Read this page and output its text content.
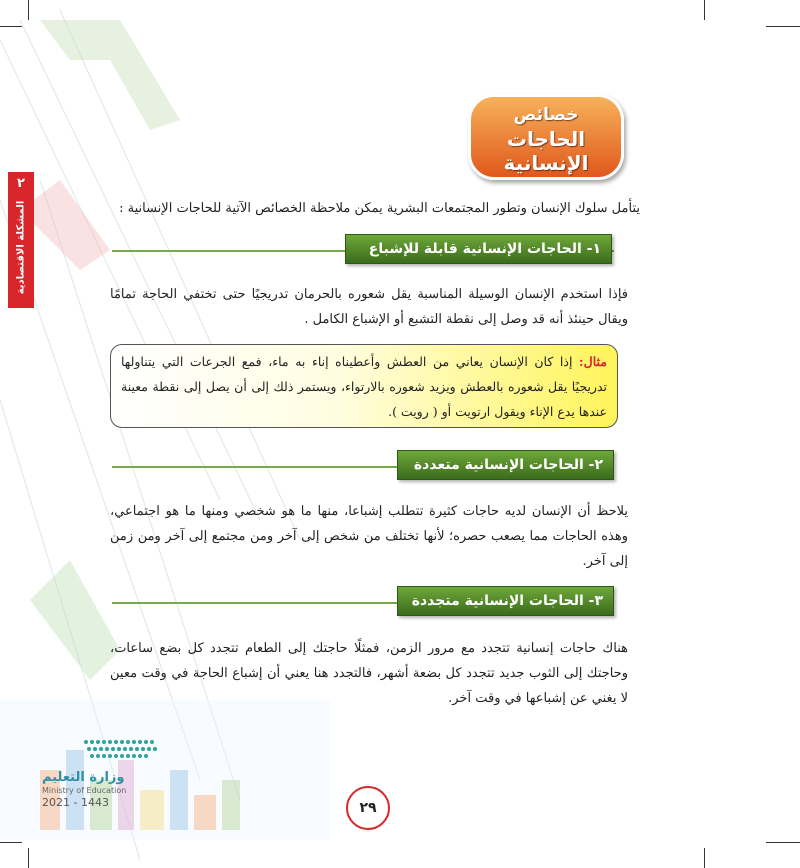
٢
المشكلة الاقتصادية
خصائص
الحاجات الإنسانية
يتأمل سلوك الإنسان وتطور المجتمعات البشرية يمكن ملاحظة الخصائص الآتية للحاجات الإنسانية :
١- الحاجات الإنسانية قابلة للإشباع
فإذا استخدم الإنسان الوسيلة المناسبة يقل شعوره بالحرمان تدريجيًا حتى تختفي الحاجة تمامًا ويقال حينئذ أنه قد وصل إلى نقطة التشبع أو الإشباع الكامل .
مثال: إذا كان الإنسان يعاني من العطش وأعطيناه إناء به ماء، فمع الجرعات التي يتناولها تدريجيًا يقل شعوره بالعطش ويزيد شعوره بالارتواء، ويستمر ذلك إلى أن يصل إلى نقطة معينة عندها يدع الإناء ويقول ارتويت أو ( رويت ).
٢- الحاجات الإنسانية متعددة
يلاحظ أن الإنسان لديه حاجات كثيرة تتطلب إشباعا، منها ما هو شخصي ومنها ما هو اجتماعي، وهذه الحاجات مما يصعب حصره؛ لأنها تختلف من شخص إلى آخر ومن مجتمع إلى آخر ومن زمن إلى آخر.
٣- الحاجات الإنسانية متجددة
هناك حاجات إنسانية تتجدد مع مرور الزمن، فمثلًا حاجتك إلى الطعام تتجدد كل بضع ساعات، وحاجتك إلى الثوب جديد تتجدد كل بضعة أشهر، فالتجدد هنا يعني أن إشباع الحاجة في وقت معين لا يغني عن إشباعها في وقت آخر.
وزارة التعليم
Ministry of Education
2021 - 1443	٢٩
